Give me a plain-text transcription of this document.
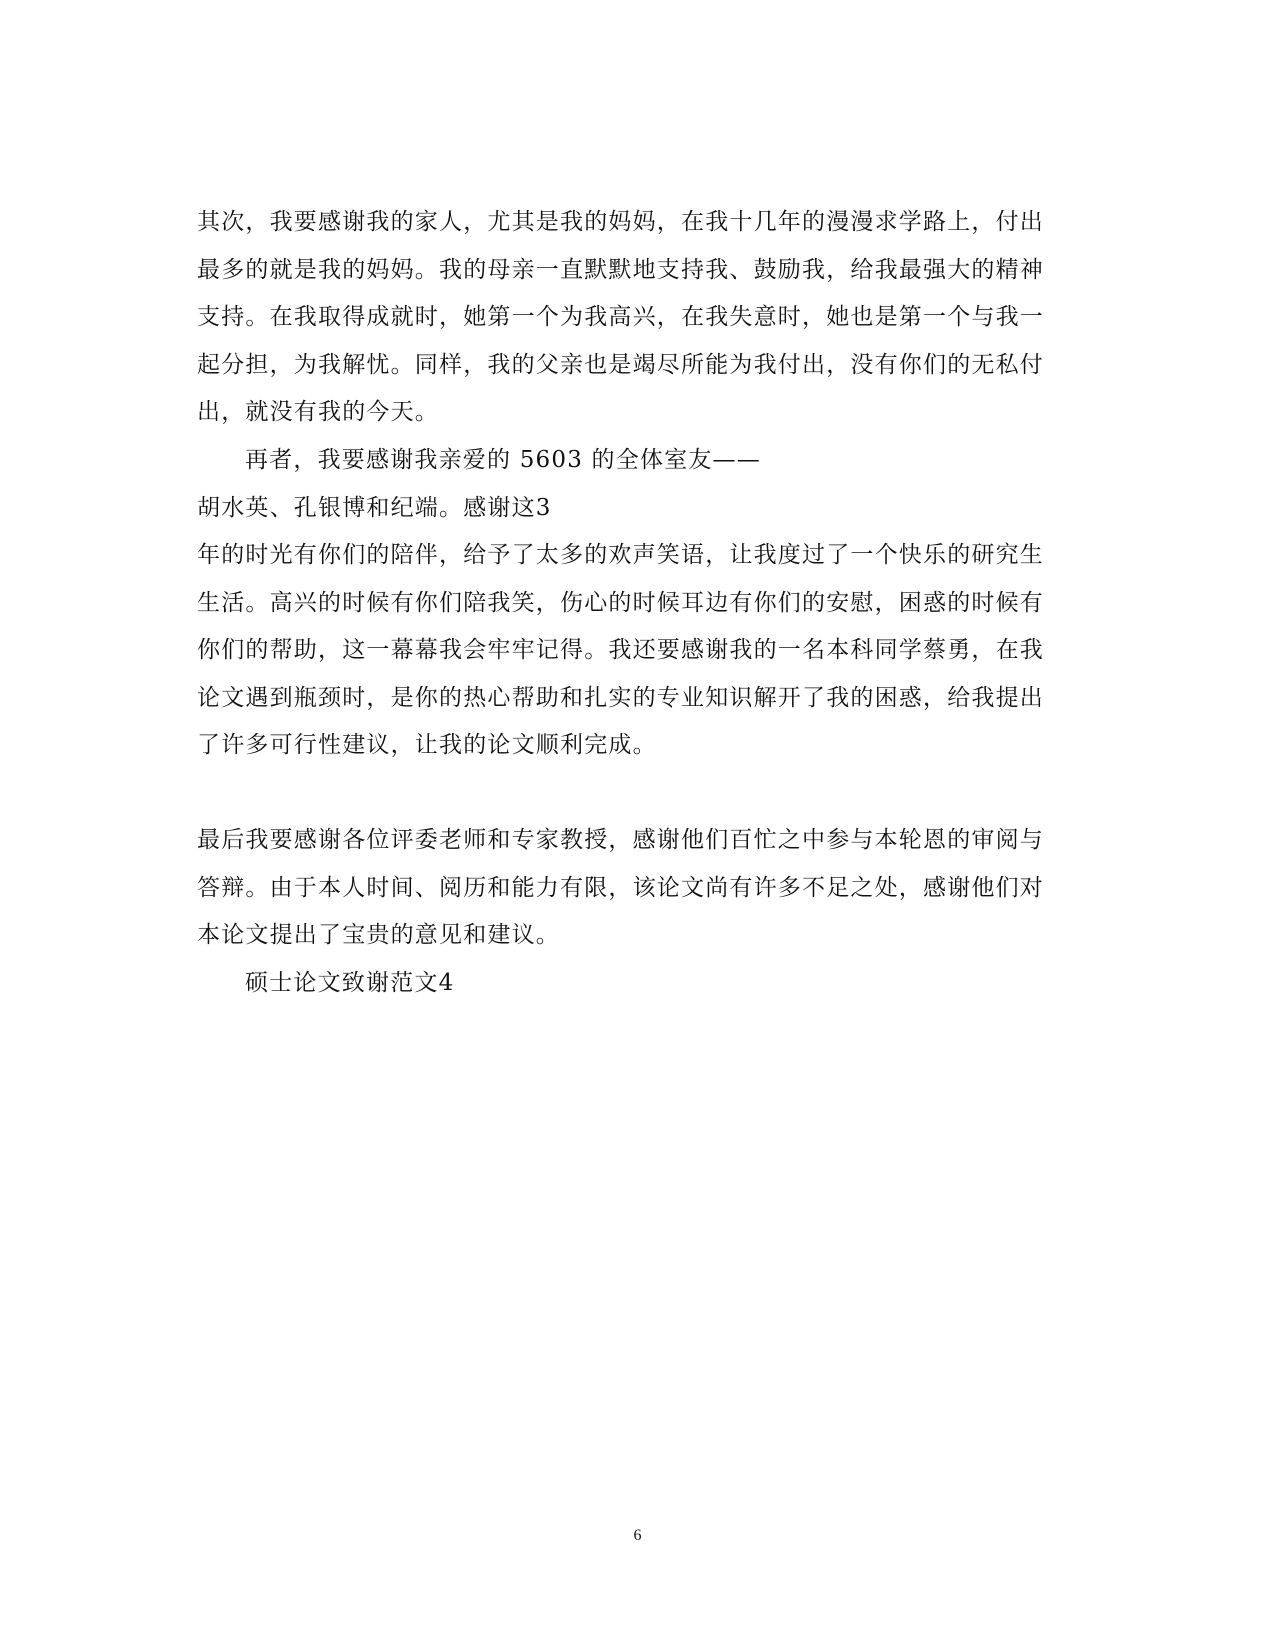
其次，我要感谢我的家人，尤其是我的妈妈，在我十几年的漫漫求学路上，付出
最多的就是我的妈妈。我的母亲一直默默地支持我、鼓励我，给我最强大的精神
支持。在我取得成就时，她第一个为我高兴，在我失意时，她也是第一个与我一
起分担，为我解忧。同样，我的父亲也是竭尽所能为我付出，没有你们的无私付
出，就没有我的今天。
再者，我要感谢我亲爱的 5603 的全体室友——
胡水英、孔银博和纪端。感谢这3
年的时光有你们的陪伴，给予了太多的欢声笑语，让我度过了一个快乐的研究生
生活。高兴的时候有你们陪我笑，伤心的时候耳边有你们的安慰，困惑的时候有
你们的帮助，这一幕幕我会牢牢记得。我还要感谢我的一名本科同学蔡勇，在我
论文遇到瓶颈时，是你的热心帮助和扎实的专业知识解开了我的困惑，给我提出
了许多可行性建议，让我的论文顺利完成。
最后我要感谢各位评委老师和专家教授，感谢他们百忙之中参与本轮恩的审阅与
答辩。由于本人时间、阅历和能力有限，该论文尚有许多不足之处，感谢他们对
本论文提出了宝贵的意见和建议。
硕士论文致谢范文4
6
